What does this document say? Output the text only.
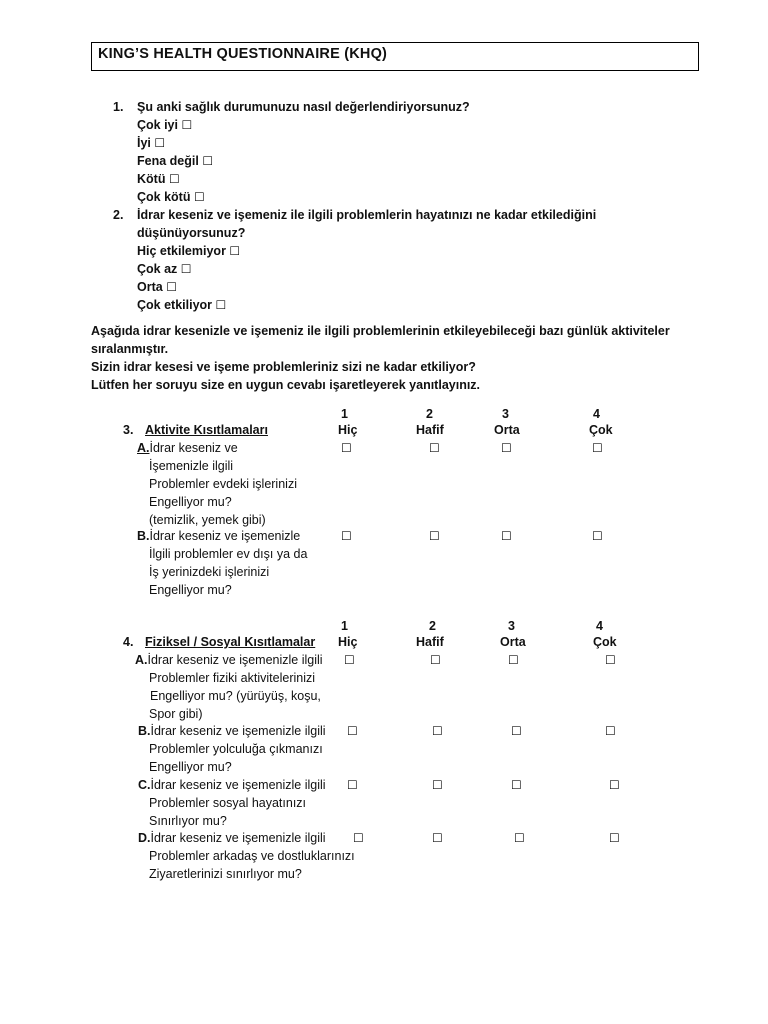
KING’S HEALTH QUESTIONNAIRE (KHQ)
1. Şu anki sağlık durumunuzu nasıl değerlendiriyorsunuz?
Çok iyi ☐
İyi ☐
Fena değil ☐
Kötü ☐
Çok kötü ☐
2. İdrar keseniz ve işemeniz ile ilgili problemlerin hayatınızı ne kadar etkilediğini
düşünüyorsunuz?
Hiç etkilemiyor ☐
Çok az ☐
Orta ☐
Çok etkiliyor ☐
Aşağıda idrar kesenizle ve işemeniz ile ilgili problemlerinin etkileyebileceği bazı günlük aktiviteler
sıralanmıştır.
Sizin idrar kesesi ve işeme problemleriniz sizi ne kadar etkiliyor?
Lütfen her soruyu size en uygun cevabı işaretleyerek yanıtlayınız.
1	2	3	4
3. Aktivite Kısıtlamaları	Hiç	Hafif	Orta	Çok
A.İdrar keseniz ve
İşemenizle ilgili
Problemler evdeki işlerinizi
Engelliyor mu?
(temizlik, yemek gibi)
☐	☐	☐	☐
B.İdrar keseniz ve işemenizle
İlgili problemler ev dışı ya da
İş yerinizdeki işlerinizi
Engelliyor mu?
☐	☐	☐	☐
1	2	3	4
4. Fiziksel / Sosyal Kısıtlamalar Hiç	Hafif	Orta	Çok
A.İdrar keseniz ve işemenizle ilgili
Problemler fiziki aktivitelerinizi
Engelliyor mu? (yürüyüş, koşu,
Spor gibi)
☐	☐	☐	☐
B.İdrar keseniz ve işemenizle ilgili
Problemler yolculuğa çıkmanızı
Engelliyor mu?
☐	☐	☐	☐
C.İdrar keseniz ve işemenizle ilgili
Problemler sosyal hayatınızı
Sınırlıyor mu?
☐	☐	☐	☐
D.İdrar keseniz ve işemenizle ilgili
Problemler arkadaş ve dostluklarınızı
Ziyaretlerinizi sınırlıyor mu?
☐	☐	☐	☐
